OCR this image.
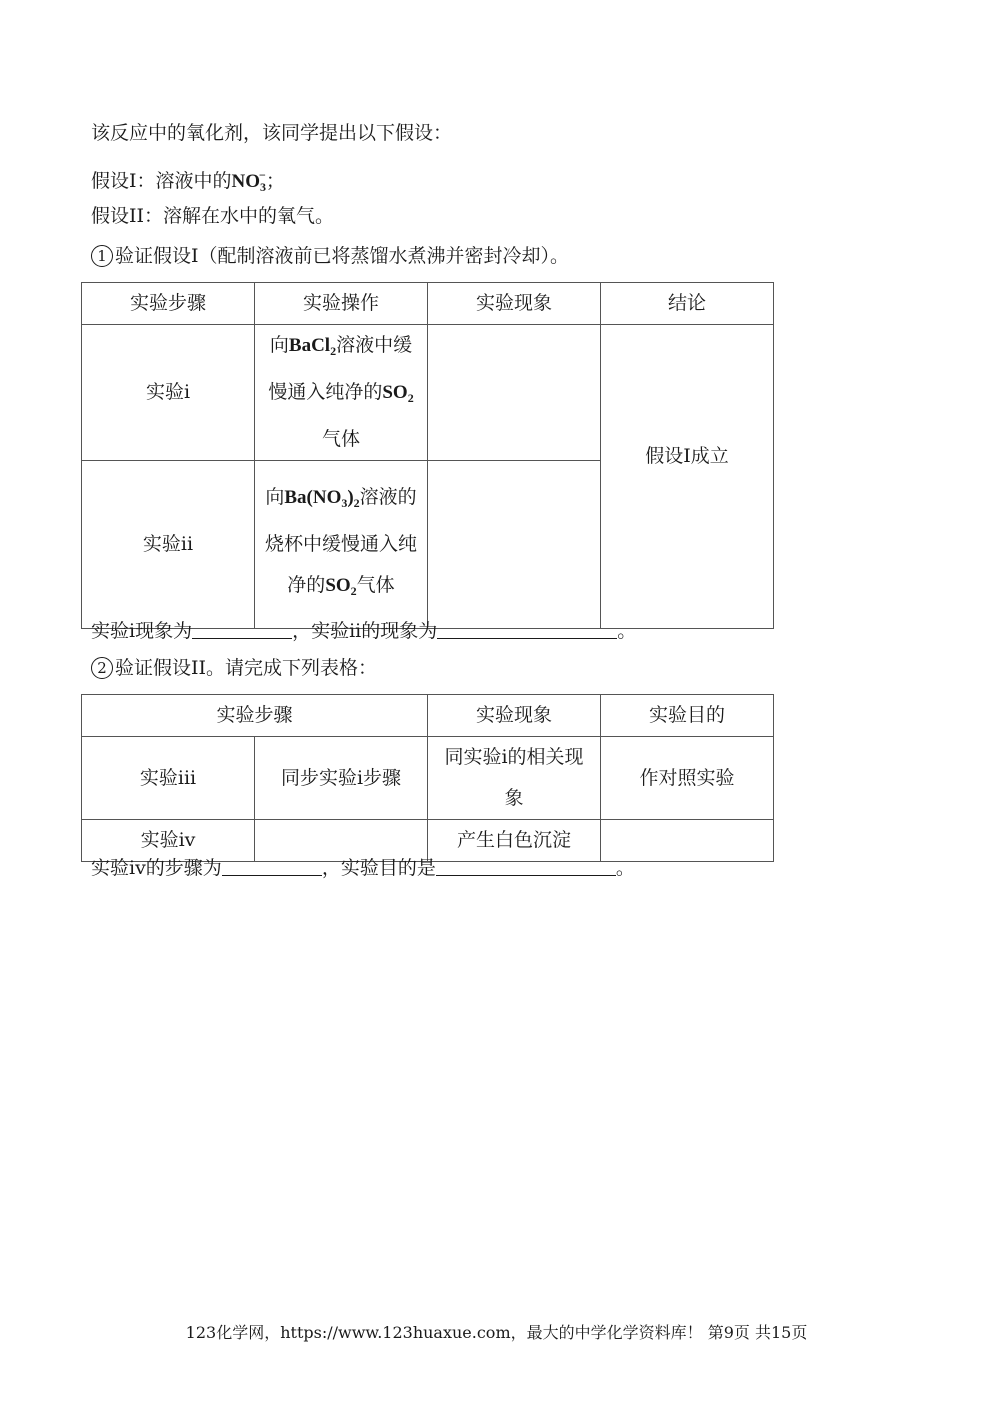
该反应中的氧化剂，该同学提出以下假设：
假设I：溶液中的$NO_3^-$；
假设II：溶解在水中的氧气。
1 验证假设I（配制溶液前已将蒸馏水煮沸并密封冷却）。
实验步骤	实验操作	实验现象	结论
实验i	向BaCl$_2$溶液中缓慢通入纯净的$SO_2$气体		假设I成立
实验ii	向$Ba(NO_3)_2$溶液的烧杯中缓慢通入纯净的$SO_2$气体		
实验i现象为	，实验ii的现象为	。
2 验证假设II。请完成下列表格：
实验步骤		实验现象	实验目的
实验iii	同步实验i步骤	同实验i的相关现象	作对照实验
实验iv		产生白色沉淀	
实验iv的步骤为	，实验目的是	。
123化学网，https://www.123huaxue.com，最大的中学化学资料库！ 第9页 共15页
